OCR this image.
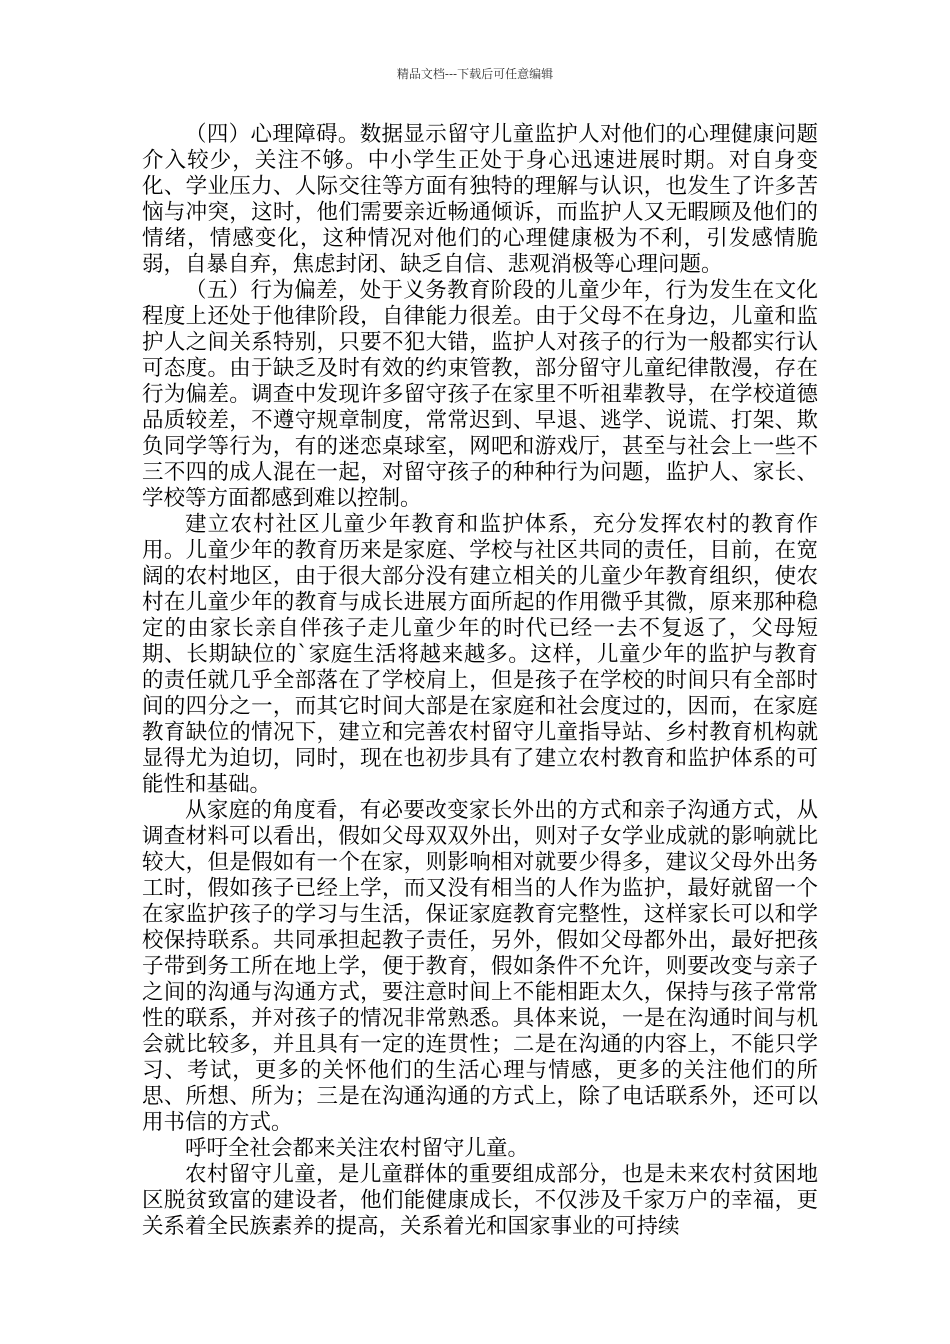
精品文档---下载后可任意编辑

（四）心理障碍。数据显示留守儿童监护人对他们的心理健康问题介入较少，关注不够。中小学生正处于身心迅速进展时期。对自身变化、学业压力、人际交往等方面有独特的理解与认识，也发生了许多苦恼与冲突，这时，他们需要亲近畅通倾诉，而监护人又无暇顾及他们的情绪，情感变化，这种情况对他们的心理健康极为不利，引发感情脆弱，自暴自弃，焦虑封闭、缺乏自信、悲观消极等心理问题。

（五）行为偏差，处于义务教育阶段的儿童少年，行为发生在文化程度上还处于他律阶段，自律能力很差。由于父母不在身边，儿童和监护人之间关系特别，只要不犯大错，监护人对孩子的行为一般都实行认可态度。由于缺乏及时有效的约束管教，部分留守儿童纪律散漫，存在行为偏差。调查中发现许多留守孩子在家里不听祖辈教导，在学校道德品质较差，不遵守规章制度，常常迟到、早退、逃学、说谎、打架、欺负同学等行为，有的迷恋桌球室，网吧和游戏厅，甚至与社会上一些不三不四的成人混在一起，对留守孩子的种种行为问题，监护人、家长、学校等方面都感到难以控制。

建立农村社区儿童少年教育和监护体系，充分发挥农村的教育作用。儿童少年的教育历来是家庭、学校与社区共同的责任，目前，在宽阔的农村地区，由于很大部分没有建立相关的儿童少年教育组织，使农村在儿童少年的教育与成长进展方面所起的作用微乎其微，原来那种稳定的由家长亲自伴孩子走儿童少年的时代已经一去不复返了，父母短期、长期缺位的`家庭生活将越来越多。这样，儿童少年的监护与教育的责任就几乎全部落在了学校肩上，但是孩子在学校的时间只有全部时间的四分之一，而其它时间大部是在家庭和社会度过的，因而，在家庭教育缺位的情况下，建立和完善农村留守儿童指导站、乡村教育机构就显得尤为迫切，同时，现在也初步具有了建立农村教育和监护体系的可能性和基础。

从家庭的角度看，有必要改变家长外出的方式和亲子沟通方式，从调查材料可以看出，假如父母双双外出，则对子女学业成就的影响就比较大，但是假如有一个在家，则影响相对就要少得多，建议父母外出务工时，假如孩子已经上学，而又没有相当的人作为监护，最好就留一个在家监护孩子的学习与生活，保证家庭教育完整性，这样家长可以和学校保持联系。共同承担起教子责任，另外，假如父母都外出，最好把孩子带到务工所在地上学，便于教育，假如条件不允许，则要改变与亲子之间的沟通与沟通方式，要注意时间上不能相距太久，保持与孩子常常性的联系，并对孩子的情况非常熟悉。具体来说，一是在沟通时间与机会就比较多，并且具有一定的连贯性；二是在沟通的内容上，不能只学习、考试，更多的关怀他们的生活心理与情感，更多的关注他们的所思、所想、所为；三是在沟通沟通的方式上，除了电话联系外，还可以用书信的方式。

呼吁全社会都来关注农村留守儿童。

农村留守儿童，是儿童群体的重要组成部分，也是未来农村贫困地区脱贫致富的建设者，他们能健康成长，不仅涉及千家万户的幸福，更关系着全民族素养的提高，关系着光和国家事业的可持续
